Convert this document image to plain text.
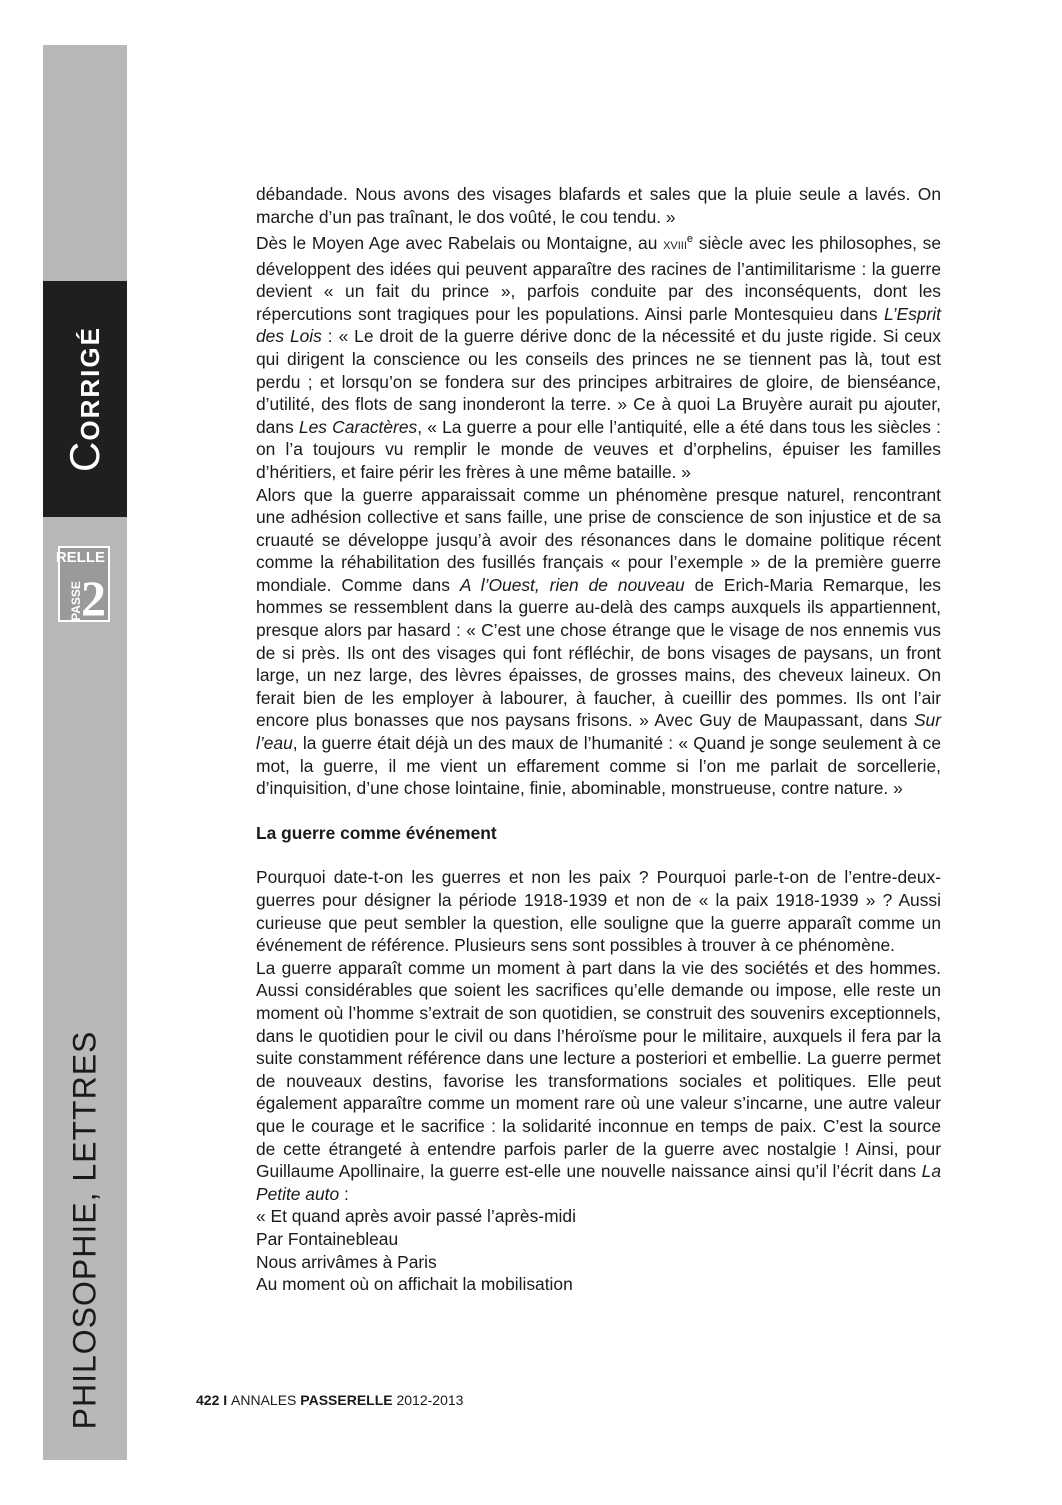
CORRIGÉ
RELLE
PASSE
2
PHILOSOPHIE, LETTRES

débandade. Nous avons des visages blafards et sales que la pluie seule a lavés. On marche d’un pas traînant, le dos voûté, le cou tendu. »

Dès le Moyen Age avec Rabelais ou Montaigne, au XVIIIe siècle avec les philosophes, se développent des idées qui peuvent apparaître des racines de l’antimilitarisme : la guerre devient « un fait du prince », parfois conduite par des inconséquents, dont les répercutions sont tragiques pour les populations. Ainsi parle Montesquieu dans L’Esprit des Lois : « Le droit de la guerre dérive donc de la nécessité et du juste rigide. Si ceux qui dirigent la conscience ou les conseils des princes ne se tiennent pas là, tout est perdu ; et lorsqu’on se fondera sur des principes arbitraires de gloire, de bienséance, d’utilité, des flots de sang inonderont la terre. » Ce à quoi La Bruyère aurait pu ajouter, dans Les Caractères, « La guerre a pour elle l’antiquité, elle a été dans tous les siècles : on l’a toujours vu remplir le monde de veuves et d’orphelins, épuiser les familles d’héritiers, et faire périr les frères à une même bataille. »

Alors que la guerre apparaissait comme un phénomène presque naturel, rencontrant une adhésion collective et sans faille, une prise de conscience de son injustice et de sa cruauté se développe jusqu’à avoir des résonances dans le domaine politique récent comme la réhabilitation des fusillés français « pour l’exemple » de la première guerre mondiale. Comme dans A l’Ouest, rien de nouveau de Erich-Maria Remarque, les hommes se ressemblent dans la guerre au-delà des camps auxquels ils appartiennent, presque alors par hasard : « C’est une chose étrange que le visage de nos ennemis vus de si près. Ils ont des visages qui font réfléchir, de bons visages de paysans, un front large, un nez large, des lèvres épaisses, de grosses mains, des cheveux laineux. On ferait bien de les employer à labourer, à faucher, à cueillir des pommes. Ils ont l’air encore plus bonasses que nos paysans frisons. » Avec Guy de Maupassant, dans Sur l’eau, la guerre était déjà un des maux de l’humanité : « Quand je songe seulement à ce mot, la guerre, il me vient un effarement comme si l’on me parlait de sorcellerie, d’inquisition, d’une chose lointaine, finie, abominable, monstrueuse, contre nature. »

La guerre comme événement

Pourquoi date-t-on les guerres et non les paix ? Pourquoi parle-t-on de l’entre-deux-guerres pour désigner la période 1918-1939 et non de « la paix 1918-1939 » ? Aussi curieuse que peut sembler la question, elle souligne que la guerre apparaît comme un événement de référence. Plusieurs sens sont possibles à trouver à ce phénomène.

La guerre apparaît comme un moment à part dans la vie des sociétés et des hommes. Aussi considérables que soient les sacrifices qu’elle demande ou impose, elle reste un moment où l’homme s’extrait de son quotidien, se construit des souvenirs exceptionnels, dans le quotidien pour le civil ou dans l’héroïsme pour le militaire, auxquels il fera par la suite constamment référence dans une lecture a posteriori et embellie. La guerre permet de nouveaux destins, favorise les transformations sociales et politiques. Elle peut également apparaître comme un moment rare où une valeur s’incarne, une autre valeur que le courage et le sacrifice : la solidarité inconnue en temps de paix. C’est la source de cette étrangeté à entendre parfois parler de la guerre avec nostalgie ! Ainsi, pour Guillaume Apollinaire, la guerre est-elle une nouvelle naissance ainsi qu’il l’écrit dans La Petite auto :

« Et quand après avoir passé l’après-midi

Par Fontainebleau

Nous arrivâmes à Paris

Au moment où on affichait la mobilisation

422 I ANNALES PASSERELLE 2012-2013
